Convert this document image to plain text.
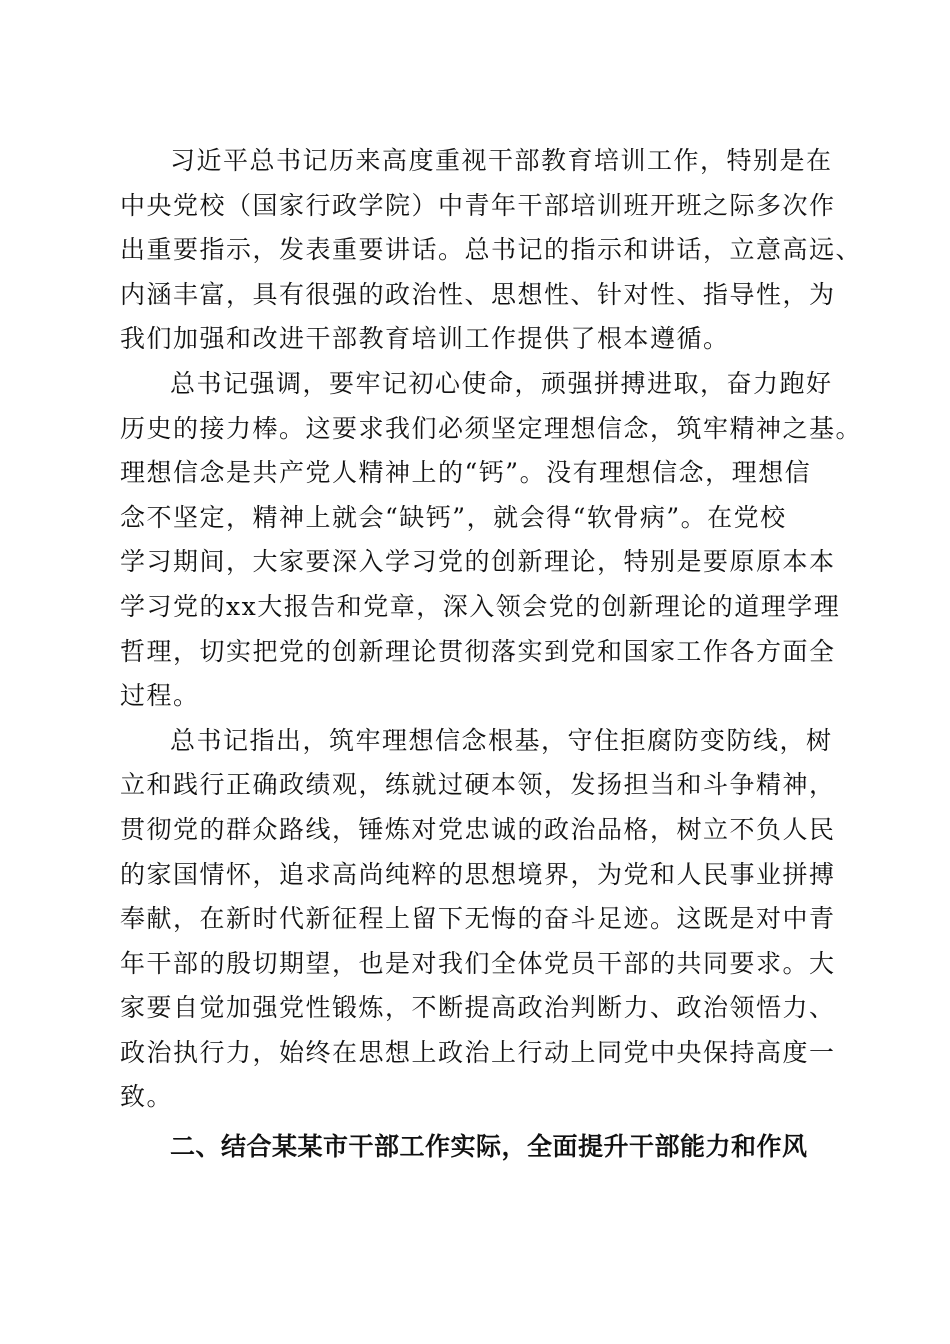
习近平总书记历来高度重视干部教育培训工作，特别是在
中央党校（国家行政学院）中青年干部培训班开班之际多次作
出重要指示，发表重要讲话。总书记的指示和讲话，立意高远、
内涵丰富，具有很强的政治性、思想性、针对性、指导性，为
我们加强和改进干部教育培训工作提供了根本遵循。
总书记强调，要牢记初心使命，顽强拼搏进取，奋力跑好
历史的接力棒。这要求我们必须坚定理想信念，筑牢精神之基。
理想信念是共产党人精神上的“钙”。没有理想信念，理想信
念不坚定，精神上就会“缺钙”，就会得“软骨病”。在党校
学习期间，大家要深入学习党的创新理论，特别是要原原本本
学习党的xx大报告和党章，深入领会党的创新理论的道理学理
哲理，切实把党的创新理论贯彻落实到党和国家工作各方面全
过程。
总书记指出，筑牢理想信念根基，守住拒腐防变防线，树
立和践行正确政绩观，练就过硬本领，发扬担当和斗争精神，
贯彻党的群众路线，锤炼对党忠诚的政治品格，树立不负人民
的家国情怀，追求高尚纯粹的思想境界，为党和人民事业拼搏
奉献，在新时代新征程上留下无悔的奋斗足迹。这既是对中青
年干部的殷切期望，也是对我们全体党员干部的共同要求。大
家要自觉加强党性锻炼，不断提高政治判断力、政治领悟力、
政治执行力，始终在思想上政治上行动上同党中央保持高度一
致。
二、结合某某市干部工作实际，全面提升干部能力和作风
